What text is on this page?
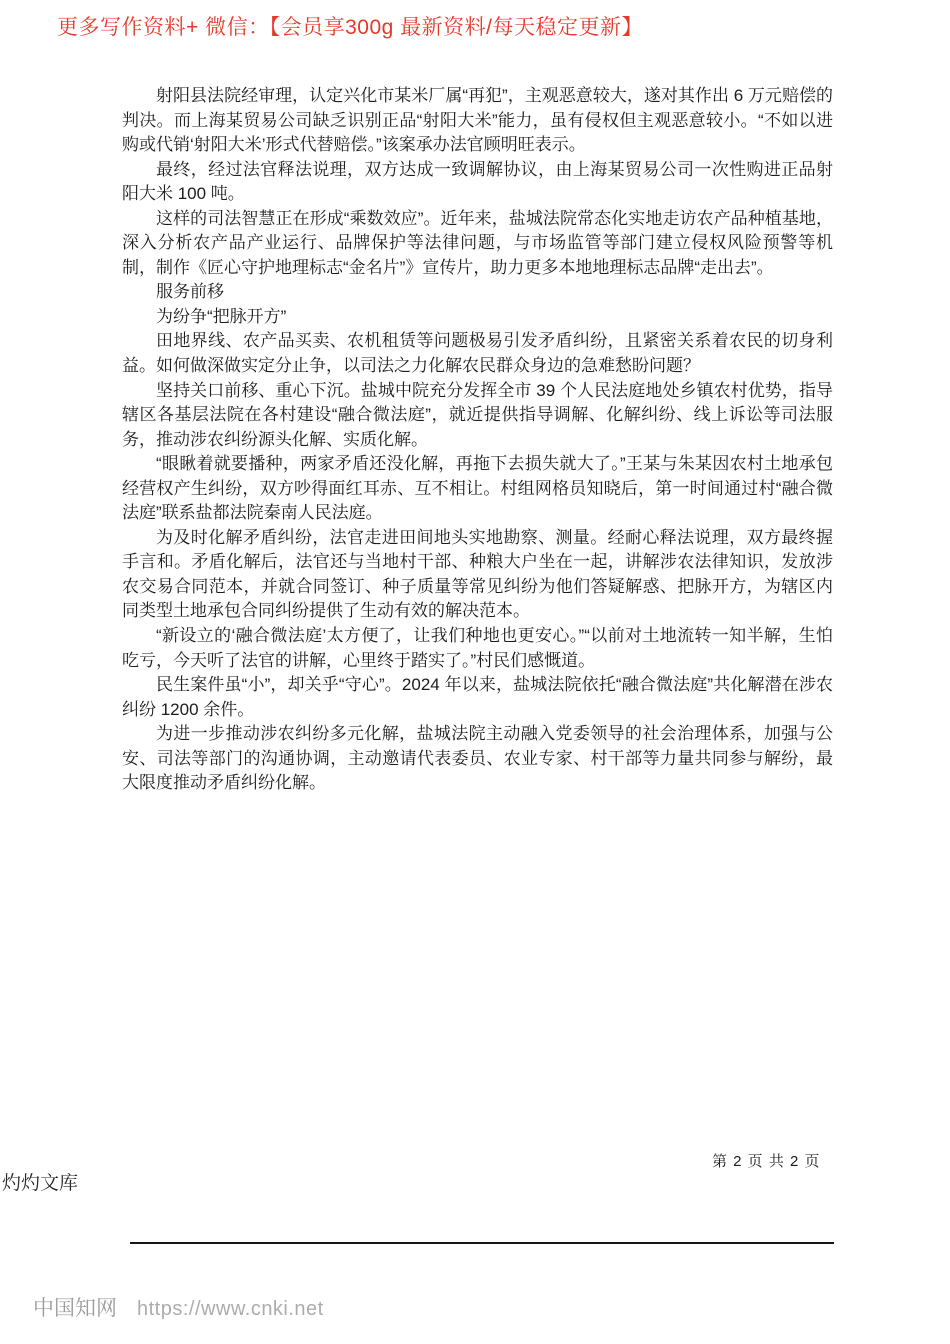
更多写作资料+ 微信：【会员享300g 最新资料/每天稳定更新】

射阳县法院经审理，认定兴化市某米厂属“再犯”，主观恶意较大，遂对其作出 6 万元赔偿的判决。而上海某贸易公司缺乏识别正品“射阳大米”能力，虽有侵权但主观恶意较小。“不如以进购或代销‘射阳大米’形式代替赔偿。”该案承办法官顾明旺表示。

最终，经过法官释法说理，双方达成一致调解协议，由上海某贸易公司一次性购进正品射阳大米 100 吨。

这样的司法智慧正在形成“乘数效应”。近年来，盐城法院常态化实地走访农产品种植基地，深入分析农产品产业运行、品牌保护等法律问题，与市场监管等部门建立侵权风险预警等机制，制作《匠心守护地理标志“金名片”》宣传片，助力更多本地地理标志品牌“走出去”。

服务前移

为纷争“把脉开方”

田地界线、农产品买卖、农机租赁等问题极易引发矛盾纠纷，且紧密关系着农民的切身利益。如何做深做实定分止争，以司法之力化解农民群众身边的急难愁盼问题？

坚持关口前移、重心下沉。盐城中院充分发挥全市 39 个人民法庭地处乡镇农村优势，指导辖区各基层法院在各村建设“融合微法庭”，就近提供指导调解、化解纠纷、线上诉讼等司法服务，推动涉农纠纷源头化解、实质化解。

“眼瞅着就要播种，两家矛盾还没化解，再拖下去损失就大了。”王某与朱某因农村土地承包经营权产生纠纷，双方吵得面红耳赤、互不相让。村组网格员知晓后，第一时间通过村“融合微法庭”联系盐都法院秦南人民法庭。

为及时化解矛盾纠纷，法官走进田间地头实地勘察、测量。经耐心释法说理，双方最终握手言和。矛盾化解后，法官还与当地村干部、种粮大户坐在一起，讲解涉农法律知识，发放涉农交易合同范本，并就合同签订、种子质量等常见纠纷为他们答疑解惑、把脉开方，为辖区内同类型土地承包合同纠纷提供了生动有效的解决范本。

“新设立的‘融合微法庭’太方便了，让我们种地也更安心。”“以前对土地流转一知半解，生怕吃亏，今天听了法官的讲解，心里终于踏实了。”村民们感慨道。

民生案件虽“小”，却关乎“守心”。2024 年以来，盐城法院依托“融合微法庭”共化解潜在涉农纠纷 1200 余件。

为进一步推动涉农纠纷多元化解，盐城法院主动融入党委领导的社会治理体系，加强与公安、司法等部门的沟通协调，主动邀请代表委员、农业专家、村干部等力量共同参与解纷，最大限度推动矛盾纠纷化解。

第 2 页 共 2 页
灼灼文库
中国知网 https://www.cnki.net
